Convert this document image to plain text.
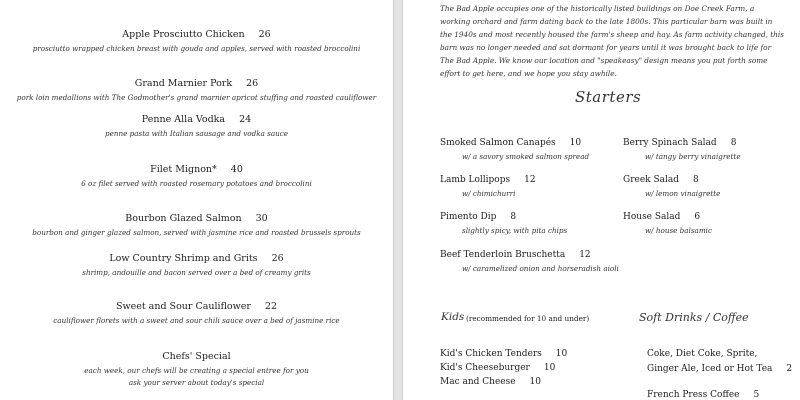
Apple Prosciutto Chicken 26
prosciutto wrapped chicken breast with gouda and apples, served with roasted broccolini
Grand Marnier Pork 26
pork loin medallions with The Godmother's grand marnier apricot stuffing and roasted cauliflower
Penne Alla Vodka 24
penne pasta with Italian sausage and vodka sauce
Filet Mignon* 40
6 oz filet served with roasted rosemary potatoes and broccolini
Bourbon Glazed Salmon 30
bourbon and ginger glazed salmon, served with jasmine rice and roasted brussels sprouts
Low Country Shrimp and Grits 26
shrimp, andouille and bacon served over a bed of creamy grits
Sweet and Sour Cauliflower 22
cauliflower florets with a sweet and sour chili sauce over a bed of jasmine rice
Chefs' Special
each week, our chefs will be creating a special entree for you
ask your server about today's special
The Bad Apple occupies one of the historically listed buildings on Doe Creek Farm, a working orchard and farm dating back to the late 1800s. This particular barn was built in the 1940s and most recently housed the farm's sheep and hay. As farm activity changed, this barn was no longer needed and sat dormant for years until it was brought back to life for The Bad Apple. We know our location and "speakeasy" design means you put forth some effort to get here, and we hope you stay awhile.
Starters
Smoked Salmon Canapés 10
w/ a savory smoked salmon spread
Lamb Lollipops 12
w/ chimichurri
Pimento Dip 8
slightly spicy, with pita chips
Beef Tenderloin Bruschetta 12
w/ caramelized onion and horseradish aioli
Berry Spinach Salad 8
w/ tangy berry vinaigrette
Greek Salad 8
w/ lemon vinaigrette
House Salad 6
w/ house balsamic
Kids (recommended for 10 and under)
Kid's Chicken Tenders 10
Kid's Cheeseburger 10
Mac and Cheese 10
Soft Drinks / Coffee
Coke, Diet Coke, Sprite,
Ginger Ale, Iced or Hot Tea 2
French Press Coffee 5
